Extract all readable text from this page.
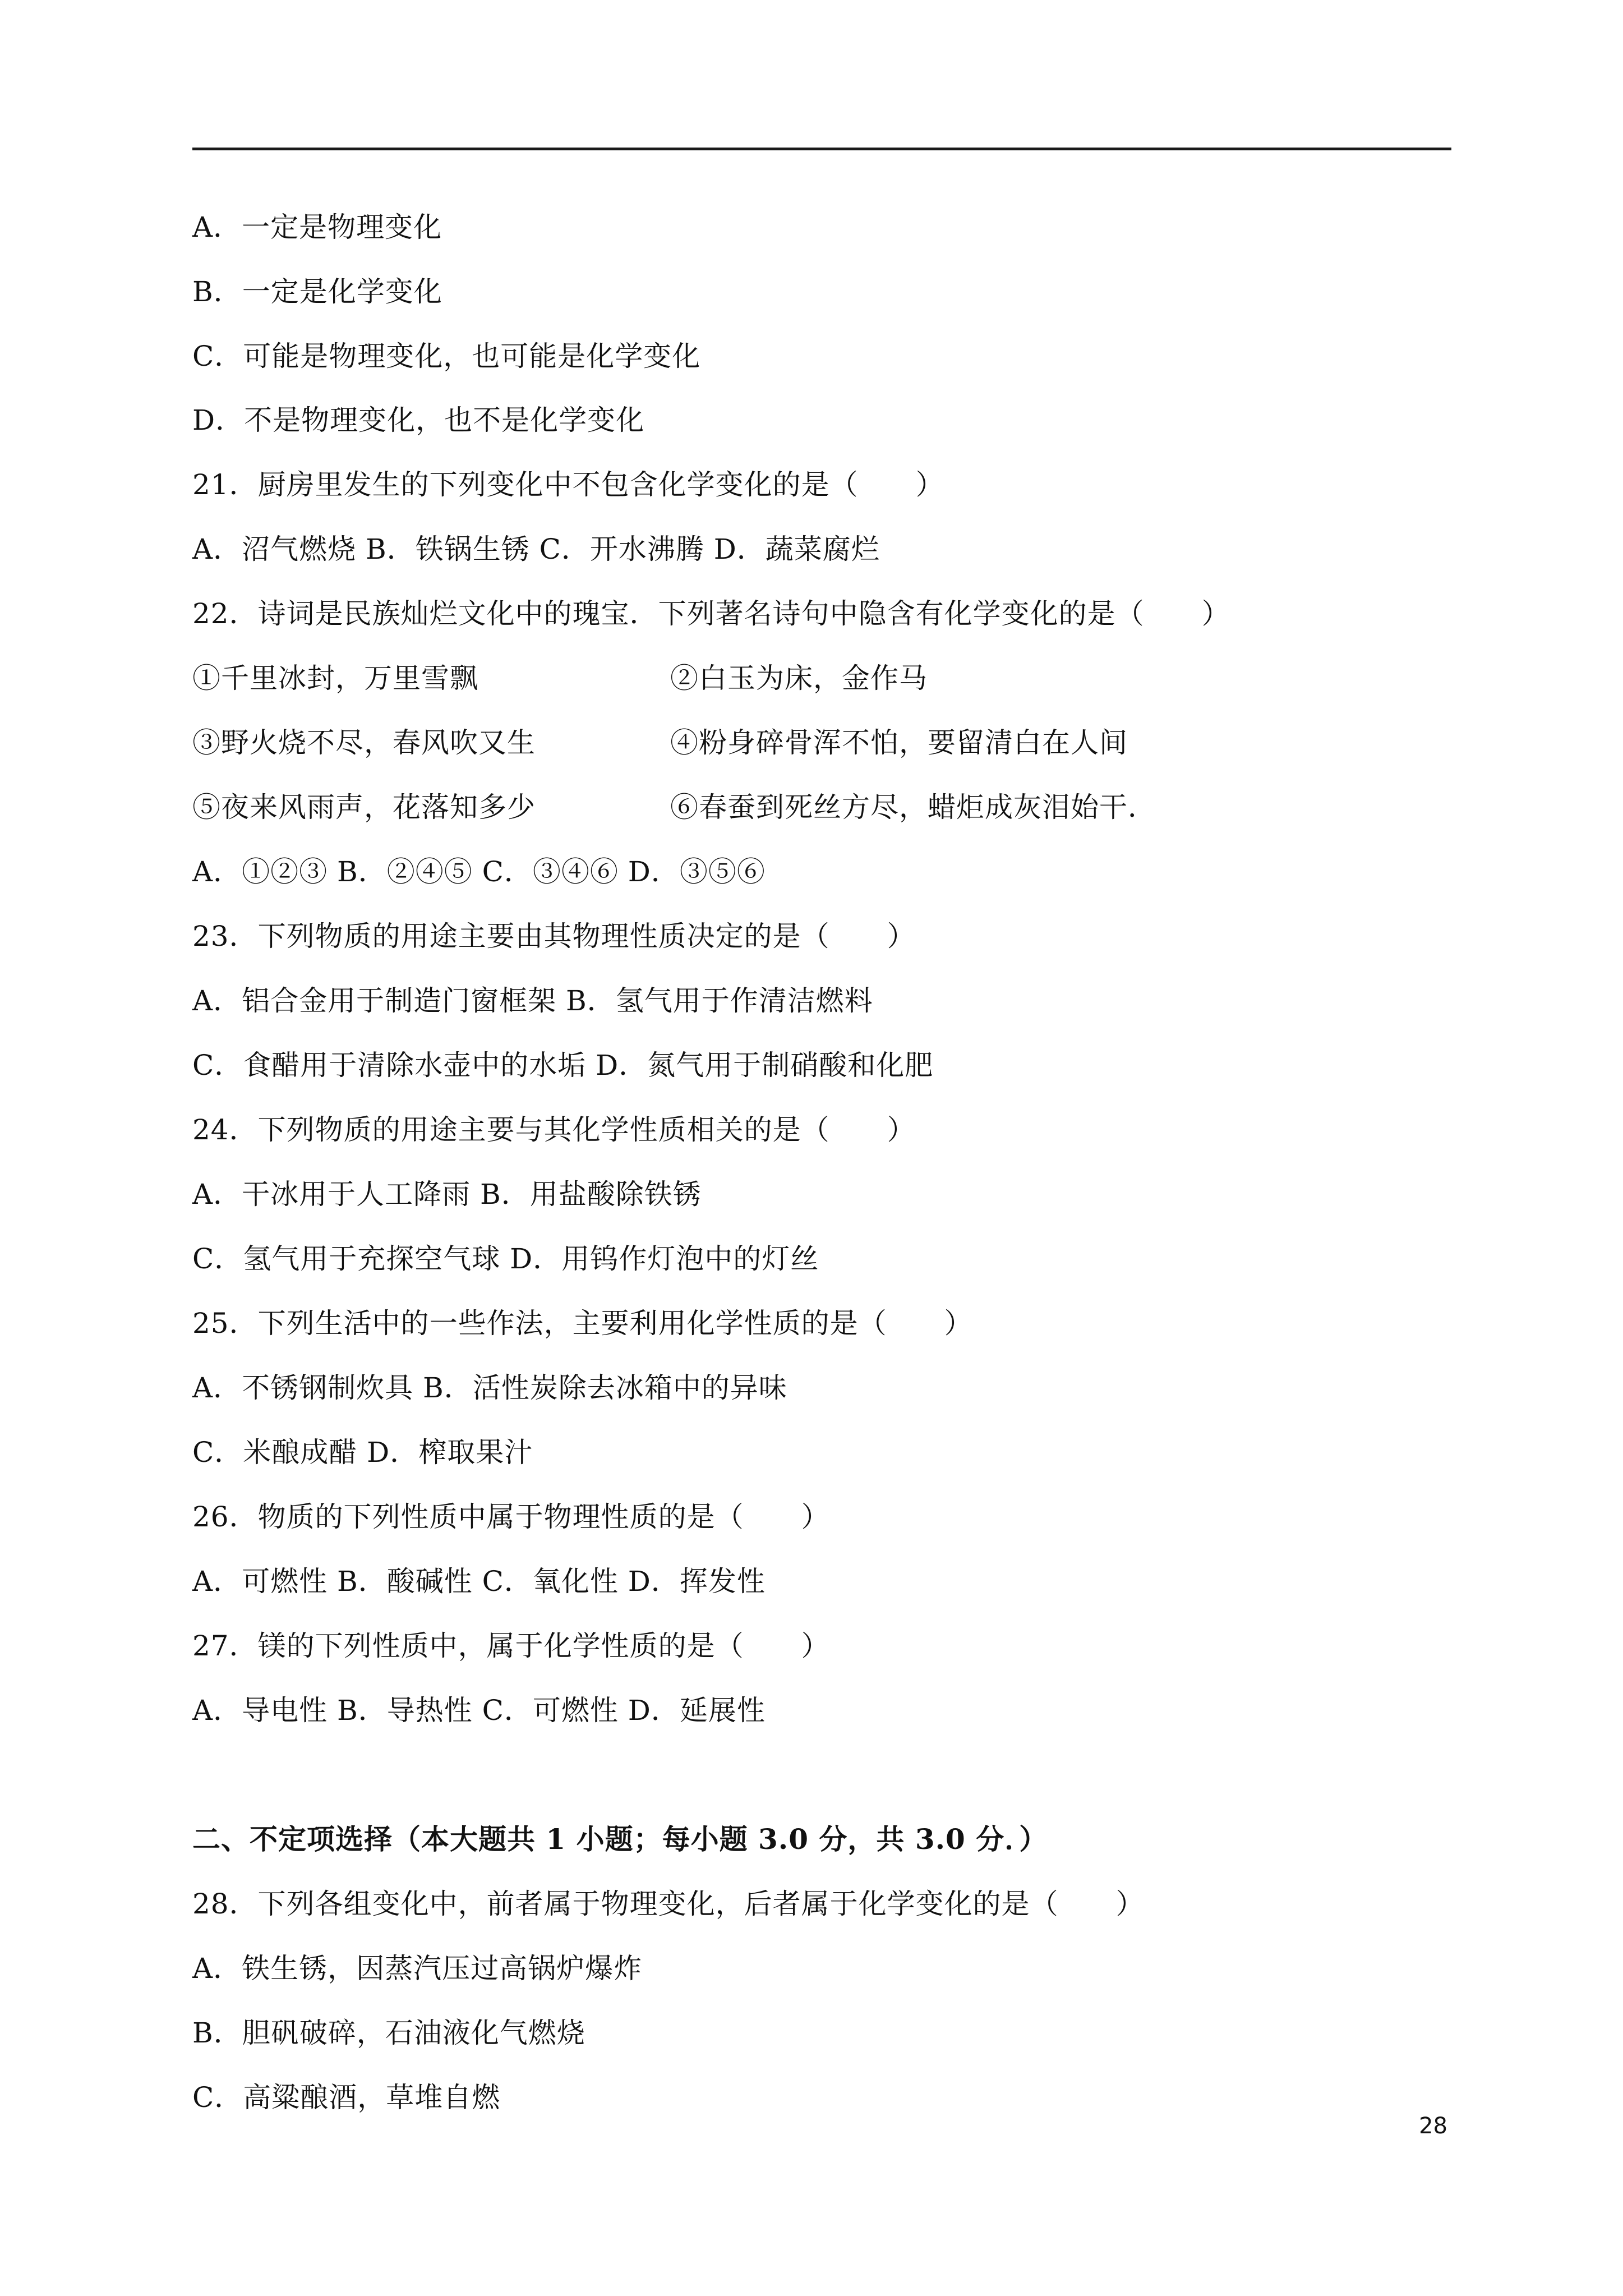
A．一定是物理变化
B．一定是化学变化
C．可能是物理变化，也可能是化学变化
D．不是物理变化，也不是化学变化
21．厨房里发生的下列变化中不包含化学变化的是（　　）
A．沼气燃烧 B．铁锅生锈 C．开水沸腾 D．蔬菜腐烂
22．诗词是民族灿烂文化中的瑰宝．下列著名诗句中隐含有化学变化的是（　　）
①千里冰封，万里雪飘	②白玉为床，金作马
③野火烧不尽，春风吹又生	④粉身碎骨浑不怕，要留清白在人间
⑤夜来风雨声，花落知多少	⑥春蚕到死丝方尽，蜡炬成灰泪始干．
A．①②③ B．②④⑤ C．③④⑥ D．③⑤⑥
23．下列物质的用途主要由其物理性质决定的是（　　）
A．铝合金用于制造门窗框架 B．氢气用于作清洁燃料
C．食醋用于清除水壶中的水垢 D．氮气用于制硝酸和化肥
24．下列物质的用途主要与其化学性质相关的是（　　）
A．干冰用于人工降雨 B．用盐酸除铁锈
C．氢气用于充探空气球 D．用钨作灯泡中的灯丝
25．下列生活中的一些作法，主要利用化学性质的是（　　）
A．不锈钢制炊具 B．活性炭除去冰箱中的异味
C．米酿成醋 D．榨取果汁
26．物质的下列性质中属于物理性质的是（　　）
A．可燃性 B．酸碱性 C．氧化性 D．挥发性
27．镁的下列性质中，属于化学性质的是（　　）
A．导电性 B．导热性 C．可燃性 D．延展性
二、不定项选择（本大题共 1 小题；每小题 3.0 分，共 3.0 分．）
28．下列各组变化中，前者属于物理变化，后者属于化学变化的是（　　）
A．铁生锈，因蒸汽压过高锅炉爆炸
B．胆矾破碎，石油液化气燃烧
C．高粱酿酒，草堆自燃
28
